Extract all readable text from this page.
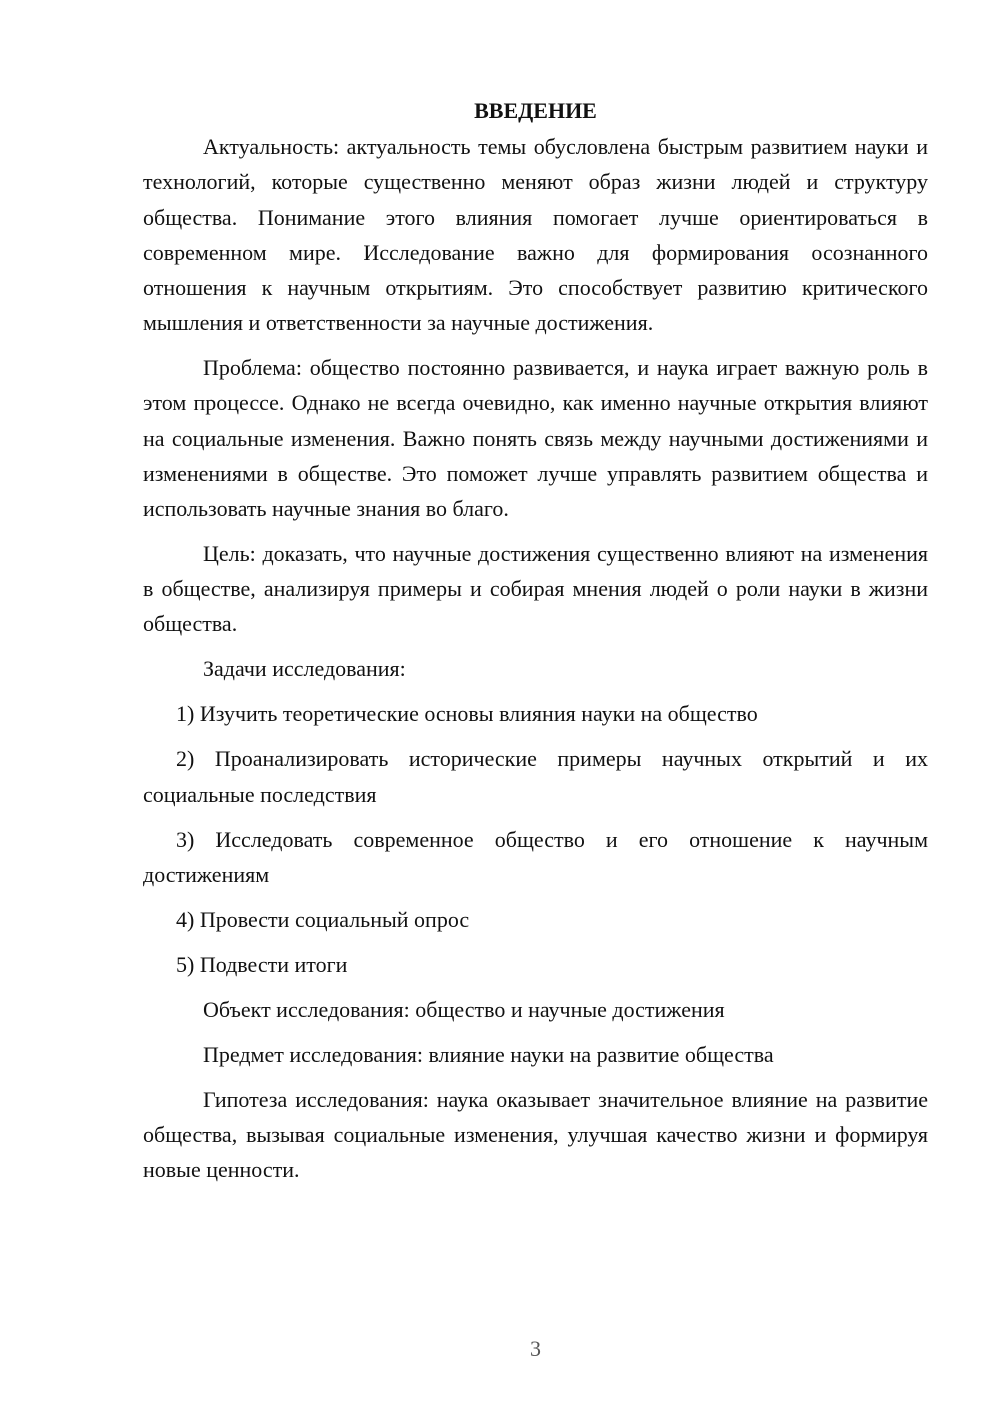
ВВЕДЕНИЕ

Актуальность: актуальность темы обусловлена быстрым развитием науки и технологий, которые существенно меняют образ жизни людей и структуру общества. Понимание этого влияния помогает лучше ориентироваться в современном мире. Исследование важно для формирования осознанного отношения к научным открытиям. Это способствует развитию критического мышления и ответственности за научные достижения.

Проблема: общество постоянно развивается, и наука играет важную роль в этом процессе. Однако не всегда очевидно, как именно научные открытия влияют на социальные изменения. Важно понять связь между научными достижениями и изменениями в обществе. Это поможет лучше управлять развитием общества и использовать научные знания во благо.

Цель: доказать, что научные достижения существенно влияют на изменения в обществе, анализируя примеры и собирая мнения людей о роли науки в жизни общества.

Задачи исследования:

1) Изучить теоретические основы влияния науки на общество

2) Проанализировать исторические примеры научных открытий и их социальные последствия

3) Исследовать современное общество и его отношение к научным достижениям

4) Провести социальный опрос

5) Подвести итоги

Объект исследования: общество и научные достижения

Предмет исследования: влияние науки на развитие общества

Гипотеза исследования: наука оказывает значительное влияние на развитие общества, вызывая социальные изменения, улучшая качество жизни и формируя новые ценности.

3
